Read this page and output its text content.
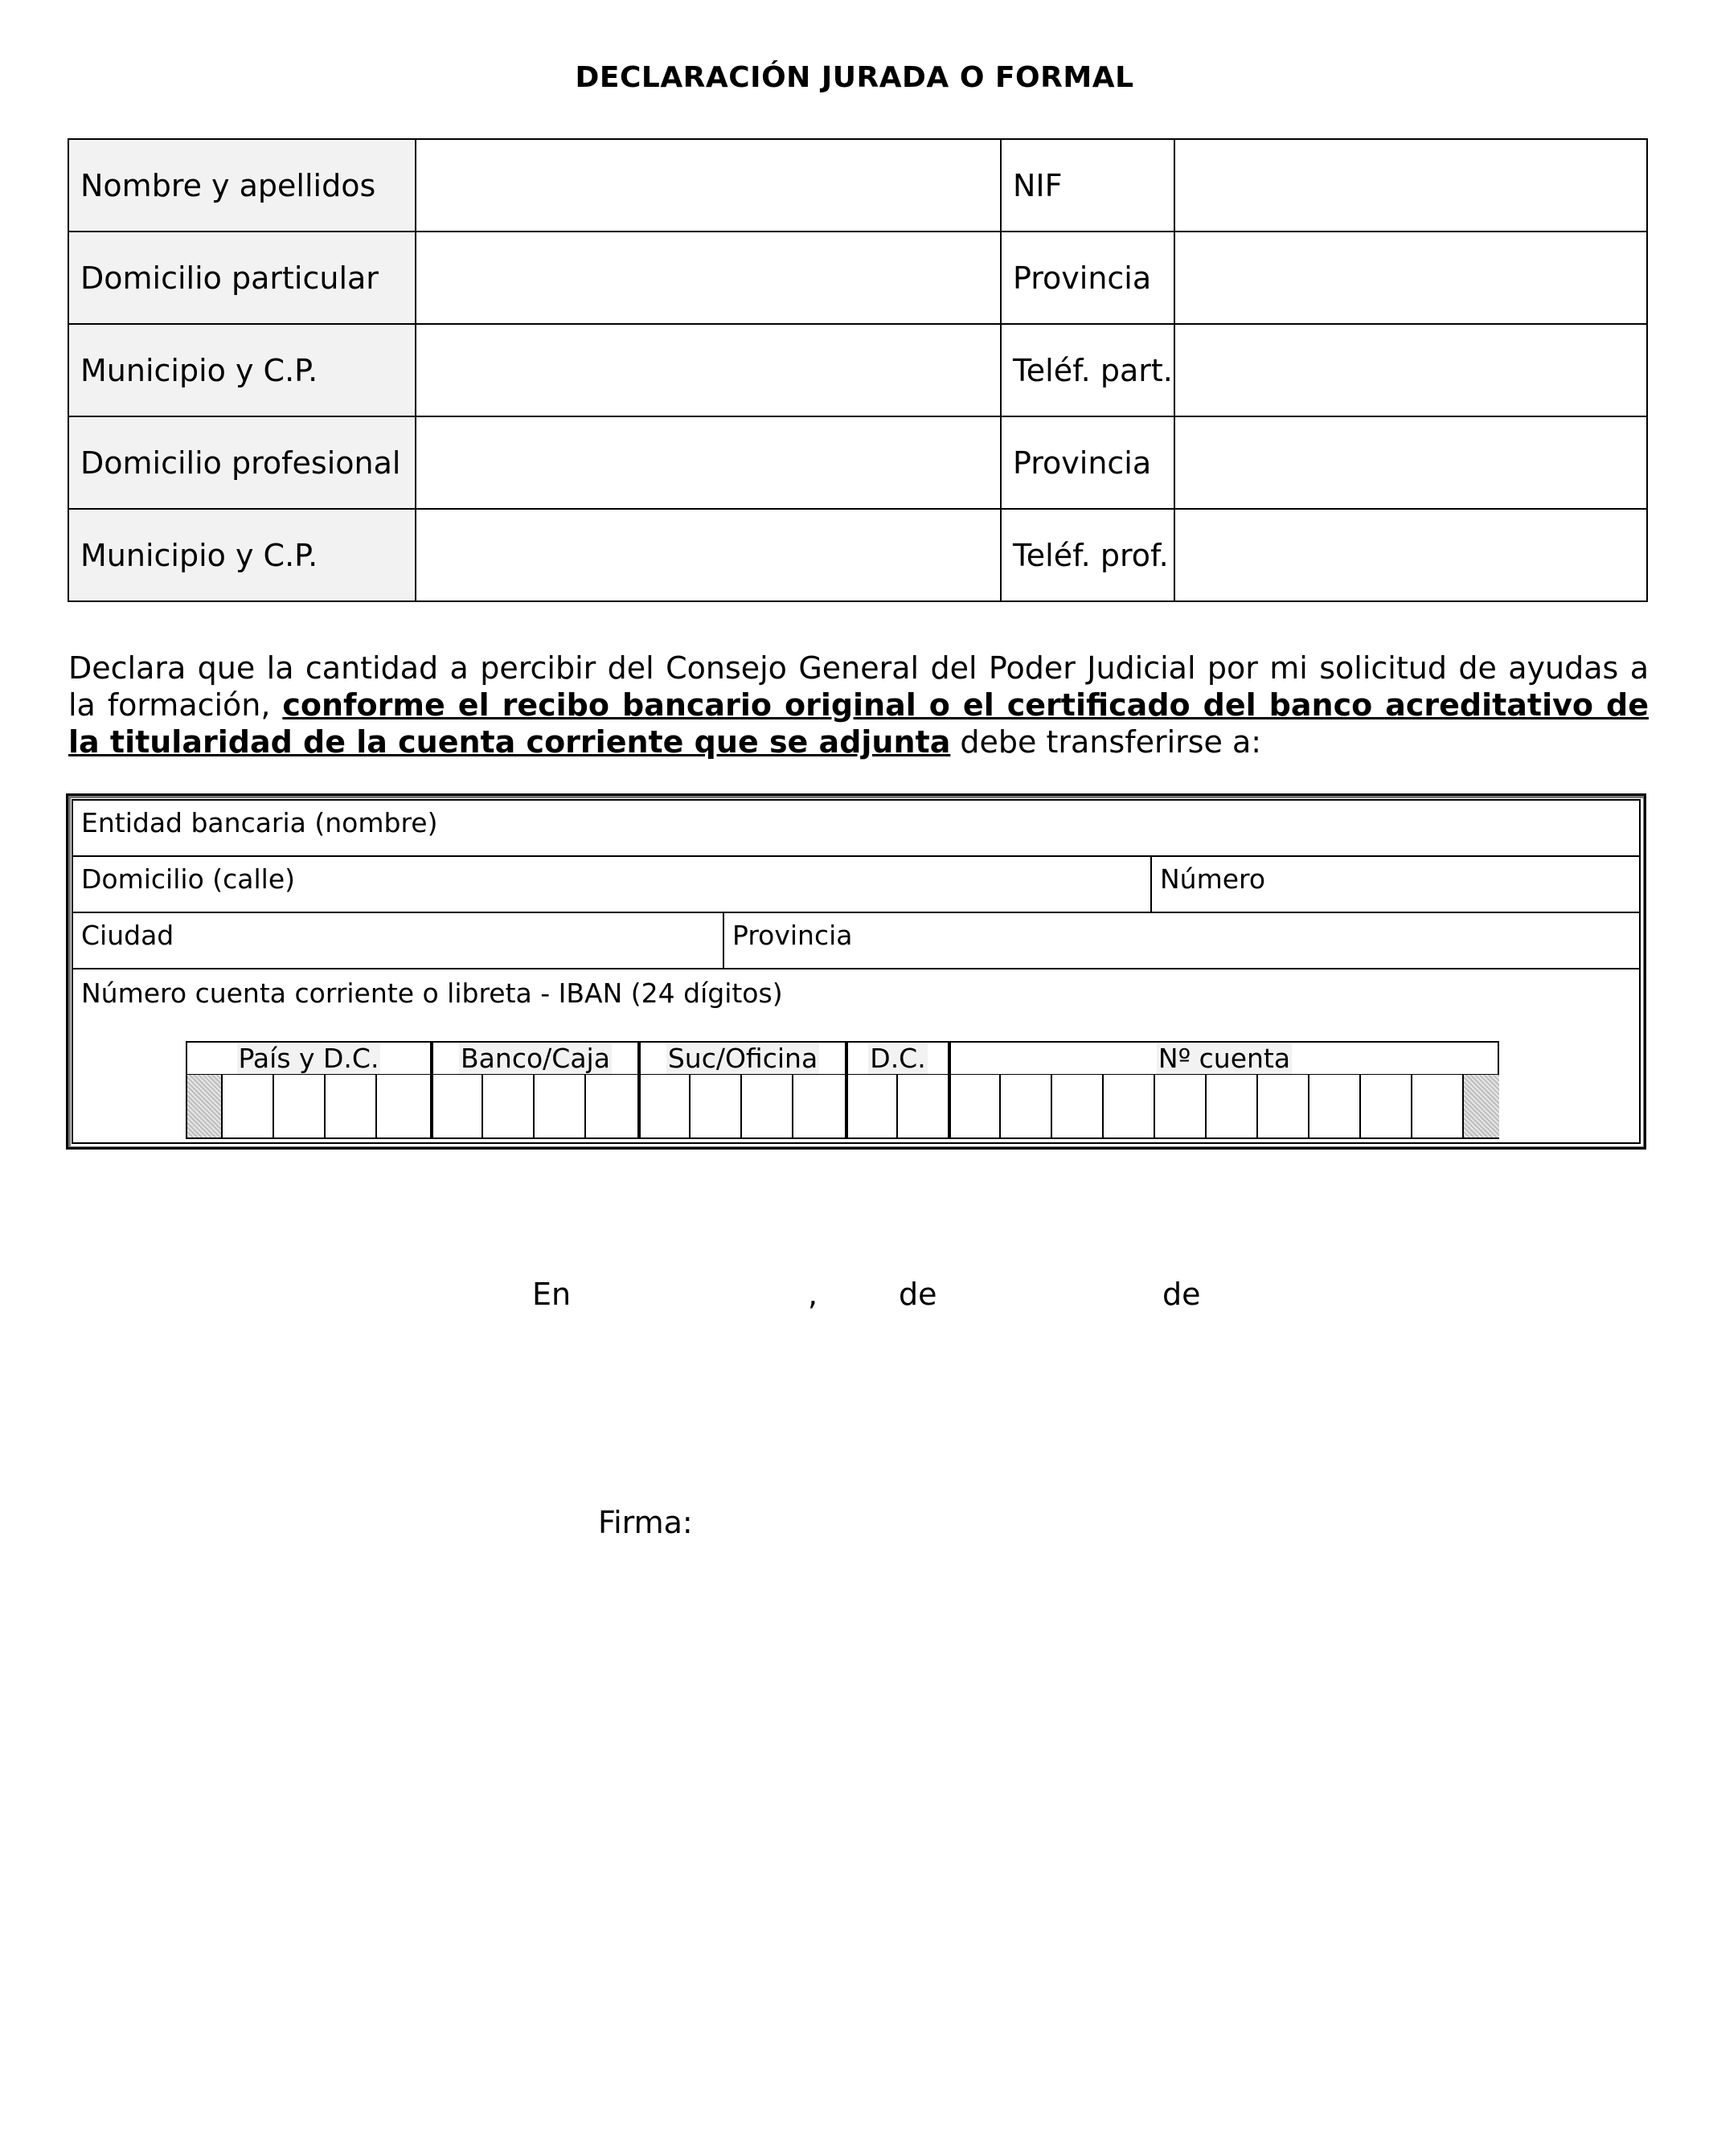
DECLARACIÓN JURADA O FORMAL
Nombre y apellidos		NIF	
Domicilio particular		Provincia	
Municipio y C.P.		Teléf. part.	
Domicilio profesional		Provincia	
Municipio y C.P.		Teléf. prof.	
Declara que la cantidad a percibir del Consejo General del Poder Judicial por mi solicitud de ayudas a la formación, conforme el recibo bancario original o el certificado del banco acreditativo de la titularidad de la cuenta corriente que se adjunta debe transferirse a:
Entidad bancaria (nombre)
Domicilio (calle)	Número
Ciudad	Provincia
Número cuenta corriente o libreta - IBAN (24 dígitos)
País y D.C.	Banco/Caja	Suc/Oficina	D.C.	Nº cuenta
En	,	de	de
Firma:
